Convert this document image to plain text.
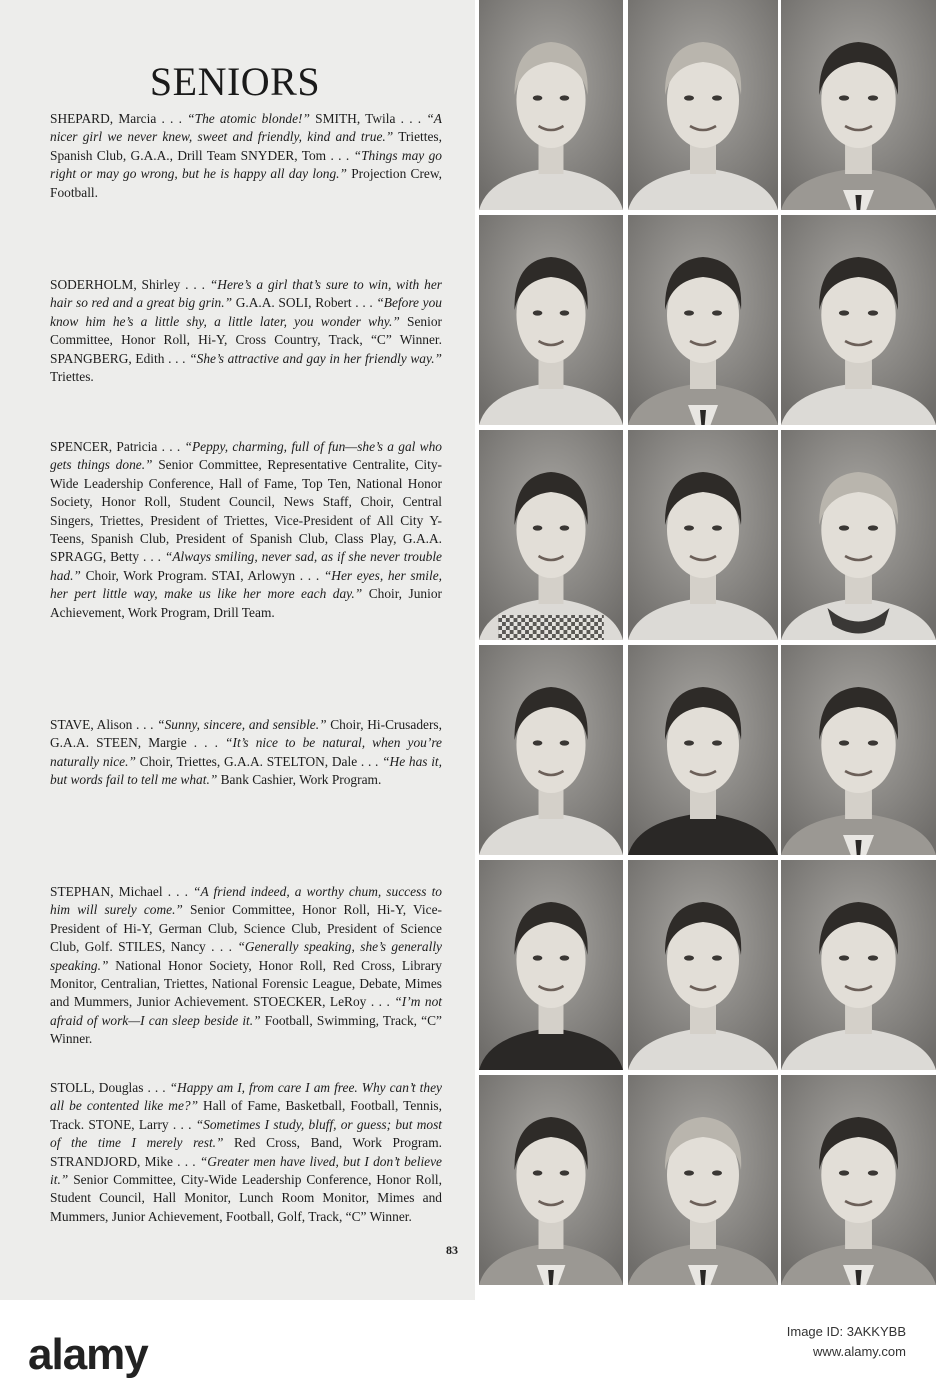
SENIORS
SHEPARD, Marcia . . . “The atomic blonde!” SMITH, Twila . . . “A nicer girl we never knew, sweet and friendly, kind and true.” Triettes, Spanish Club, G.A.A., Drill Team SNYDER, Tom . . . “Things may go right or may go wrong, but he is happy all day long.” Projection Crew, Football.
SODERHOLM, Shirley . . . “Here’s a girl that’s sure to win, with her hair so red and a great big grin.” G.A.A. SOLI, Robert . . . “Before you know him he’s a little shy, a little later, you wonder why.” Senior Committee, Honor Roll, Hi-Y, Cross Country, Track, “C” Winner. SPANGBERG, Edith . . . “She’s attractive and gay in her friendly way.” Triettes.
SPENCER, Patricia . . . “Peppy, charming, full of fun—she’s a gal who gets things done.” Senior Committee, Representative Centralite, City-Wide Leadership Conference, Hall of Fame, Top Ten, National Honor Society, Honor Roll, Student Council, News Staff, Choir, Central Singers, Triettes, President of Triettes, Vice-President of All City Y-Teens, Spanish Club, President of Spanish Club, Class Play, G.A.A. SPRAGG, Betty . . . “Always smiling, never sad, as if she never trouble had.” Choir, Work Program. STAI, Arlowyn . . . “Her eyes, her smile, her pert little way, make us like her more each day.” Choir, Junior Achievement, Work Program, Drill Team.
STAVE, Alison . . . “Sunny, sincere, and sensible.” Choir, Hi-Crusaders, G.A.A. STEEN, Margie . . . “It’s nice to be natural, when you’re naturally nice.” Choir, Triettes, G.A.A. STELTON, Dale . . . “He has it, but words fail to tell me what.” Bank Cashier, Work Program.
STEPHAN, Michael . . . “A friend indeed, a worthy chum, success to him will surely come.” Senior Committee, Honor Roll, Hi-Y, Vice-President of Hi-Y, German Club, Science Club, President of Science Club, Golf. STILES, Nancy . . . “Generally speaking, she’s generally speaking.” National Honor Society, Honor Roll, Red Cross, Library Monitor, Centralian, Triettes, National Forensic League, Debate, Mimes and Mummers, Junior Achievement. STOECKER, LeRoy . . . “I’m not afraid of work—I can sleep beside it.” Football, Swimming, Track, “C” Winner.
STOLL, Douglas . . . “Happy am I, from care I am free. Why can’t they all be contented like me?” Hall of Fame, Basketball, Football, Tennis, Track. STONE, Larry . . . “Sometimes I study, bluff, or guess; but most of the time I merely rest.” Red Cross, Band, Work Program. STRANDJORD, Mike . . . “Greater men have lived, but I don’t believe it.” Senior Committee, City-Wide Leadership Conference, Honor Roll, Student Council, Hall Monitor, Lunch Room Monitor, Mimes and Mummers, Junior Achievement, Football, Golf, Track, “C” Winner.
83
alamy	Image ID: 3AKKYBB
www.alamy.com
